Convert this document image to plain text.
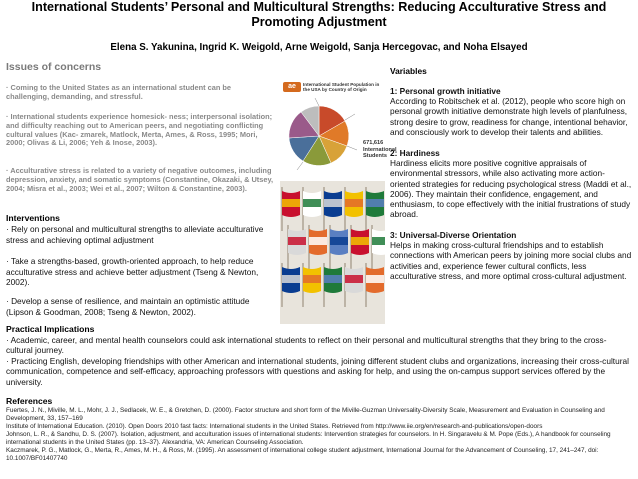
International Students’ Personal and Multicultural Strengths: Reducing Acculturative Stress and Promoting Adjustment
Elena S. Yakunina, Ingrid K. Weigold, Arne Weigold, Sanja Hercegovac, and Noha Elsayed
Issues of concerns
· Coming to the United States as an international student can be challenging, demanding, and stressful.
· International students experience homesick- ness; interpersonal isolation; and difficulty reaching out to American peers, and negotiating conflicting cultural values (Kac- zmarek, Matlock, Merta, Ames, & Ross, 1995; Mori, 2000; Olivas & Li, 2006; Yeh & Inose, 2003).
· Acculturative stress is related to a variety of negative outcomes, including depression, anxiety, and somatic symptoms (Constantine, Okazaki, & Utsey, 2004; Misra et al., 2003; Wei et al., 2007; Wilton & Constantine, 2003).
Interventions
· Rely on personal and multicultural strengths to alleviate acculturative stress and achieving optimal adjustment
· Take a strengths-based, growth-oriented approach, to help reduce acculturative stress and achieve better adjustment (Tseng & Newton, 2002).
· Develop a sense of resilience, and maintain an optimistic attitude (Lipson & Goodman, 2008; Tseng & Newton, 2002).
ae	International Student Population in the USA by Country of Origin
671,616 International Students
Variables
1: Personal growth initiative
According to Robitschek et al. (2012), people who score high on personal growth initiative demonstrate high levels of planfulness, strong desire to grow, readiness for change, intentional behavior, and consciously work to develop their talents and abilities.
2: Hardiness
Hardiness elicits more positive cognitive appraisals of environmental stressors, while also activating more action-oriented strategies for reducing psychological stress (Maddi et al., 2006). They maintain their confidence, engagement, and enthusiasm, to cope effectively with the initial frustrations of study abroad.
3: Universal-Diverse Orientation
Helps in making cross-cultural friendships and to establish connections with American peers by joining more social clubs and activities and, experience fewer cultural conflicts, less acculturative stress, and more optimal cross-cultural adjustment.
Practical Implications
· Academic, career, and mental health counselors could ask international students to reflect on their personal and multicultural strengths that they bring to the cross-cultural journey.
· Practicing English, developing friendships with other American and international students, joining different student clubs and organizations, increasing their cross-cultural communication, competence and self-efficacy, approaching professors with questions and asking for help, and using the on-campus support services offered by the university.
References
Fuertes, J. N., Miville, M. L., Mohr, J. J., Sedlacek, W. E., & Gretchen, D. (2000). Factor structure and short form of the Miville-Guzman Universality-Diversity Scale, Measurement and Evaluation in Counseling and Development, 33, 157–169
Institute of International Education. (2010). Open Doors 2010 fast facts: International students in the United States. Retrieved from http://www.iie.org/en/research-and-publications/open-doors
Johnson, L. R., & Sandhu, D. S. (2007). Isolation, adjustment, and acculturation issues of international students: Intervention strategies for counselors. In H. Singaravelu & M. Pope (Eds.), A handbook for counseling international students in the United States (pp. 13–37). Alexandria, VA: American Counseling Association.
Kaczmarek, P. G., Matlock, G., Merta, R., Ames, M. H., & Ross, M. (1995). An assessment of international college student adjustment, International Journal for the Advancement of Counseling, 17, 241–247, doi: 10.1007/BF01407740
